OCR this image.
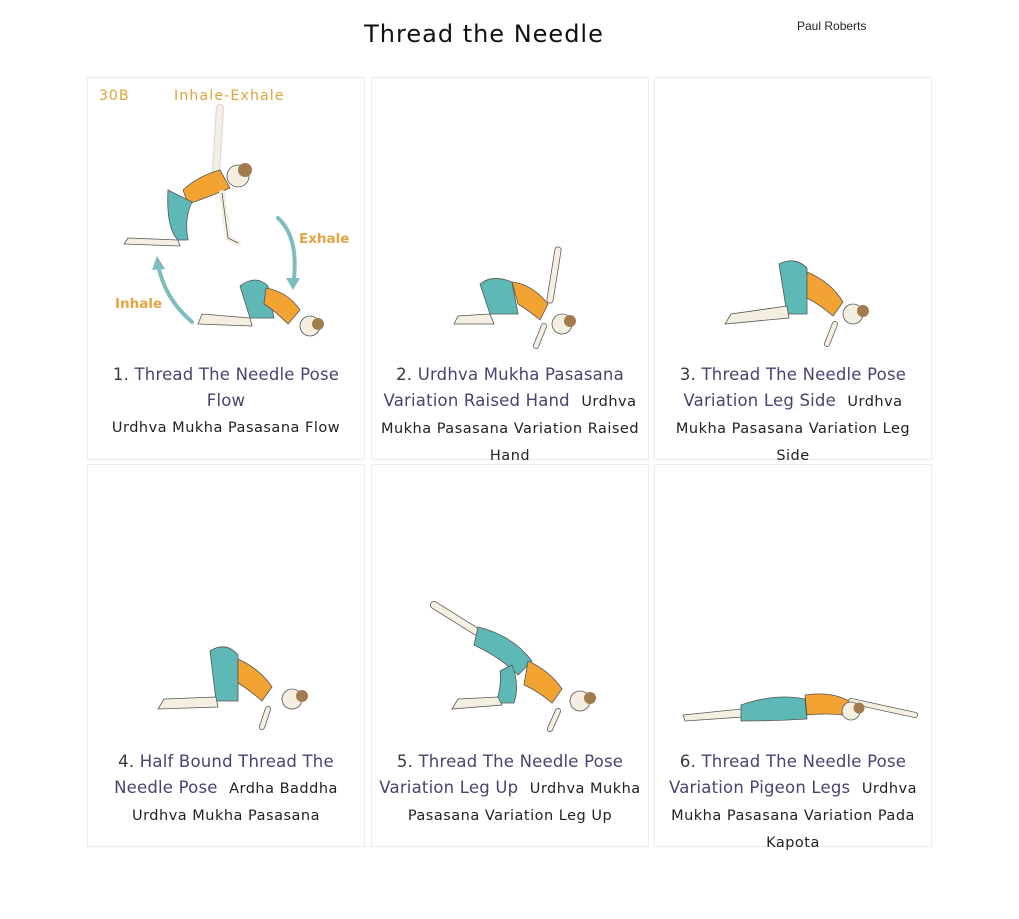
Thread the Needle	Paul Roberts
30B	Inhale-Exhale
Exhale
Inhale
1. Thread The Needle Pose Flow
Urdhva Mukha Pasasana Flow
2. Urdhva Mukha Pasasana Variation Raised Hand Urdhva Mukha Pasasana Variation Raised Hand
3. Thread The Needle Pose Variation Leg Side Urdhva Mukha Pasasana Variation Leg Side
4. Half Bound Thread The Needle Pose Ardha Baddha Urdhva Mukha Pasasana
5. Thread The Needle Pose Variation Leg Up Urdhva Mukha Pasasana Variation Leg Up
6. Thread The Needle Pose Variation Pigeon Legs Urdhva Mukha Pasasana Variation Pada Kapota
